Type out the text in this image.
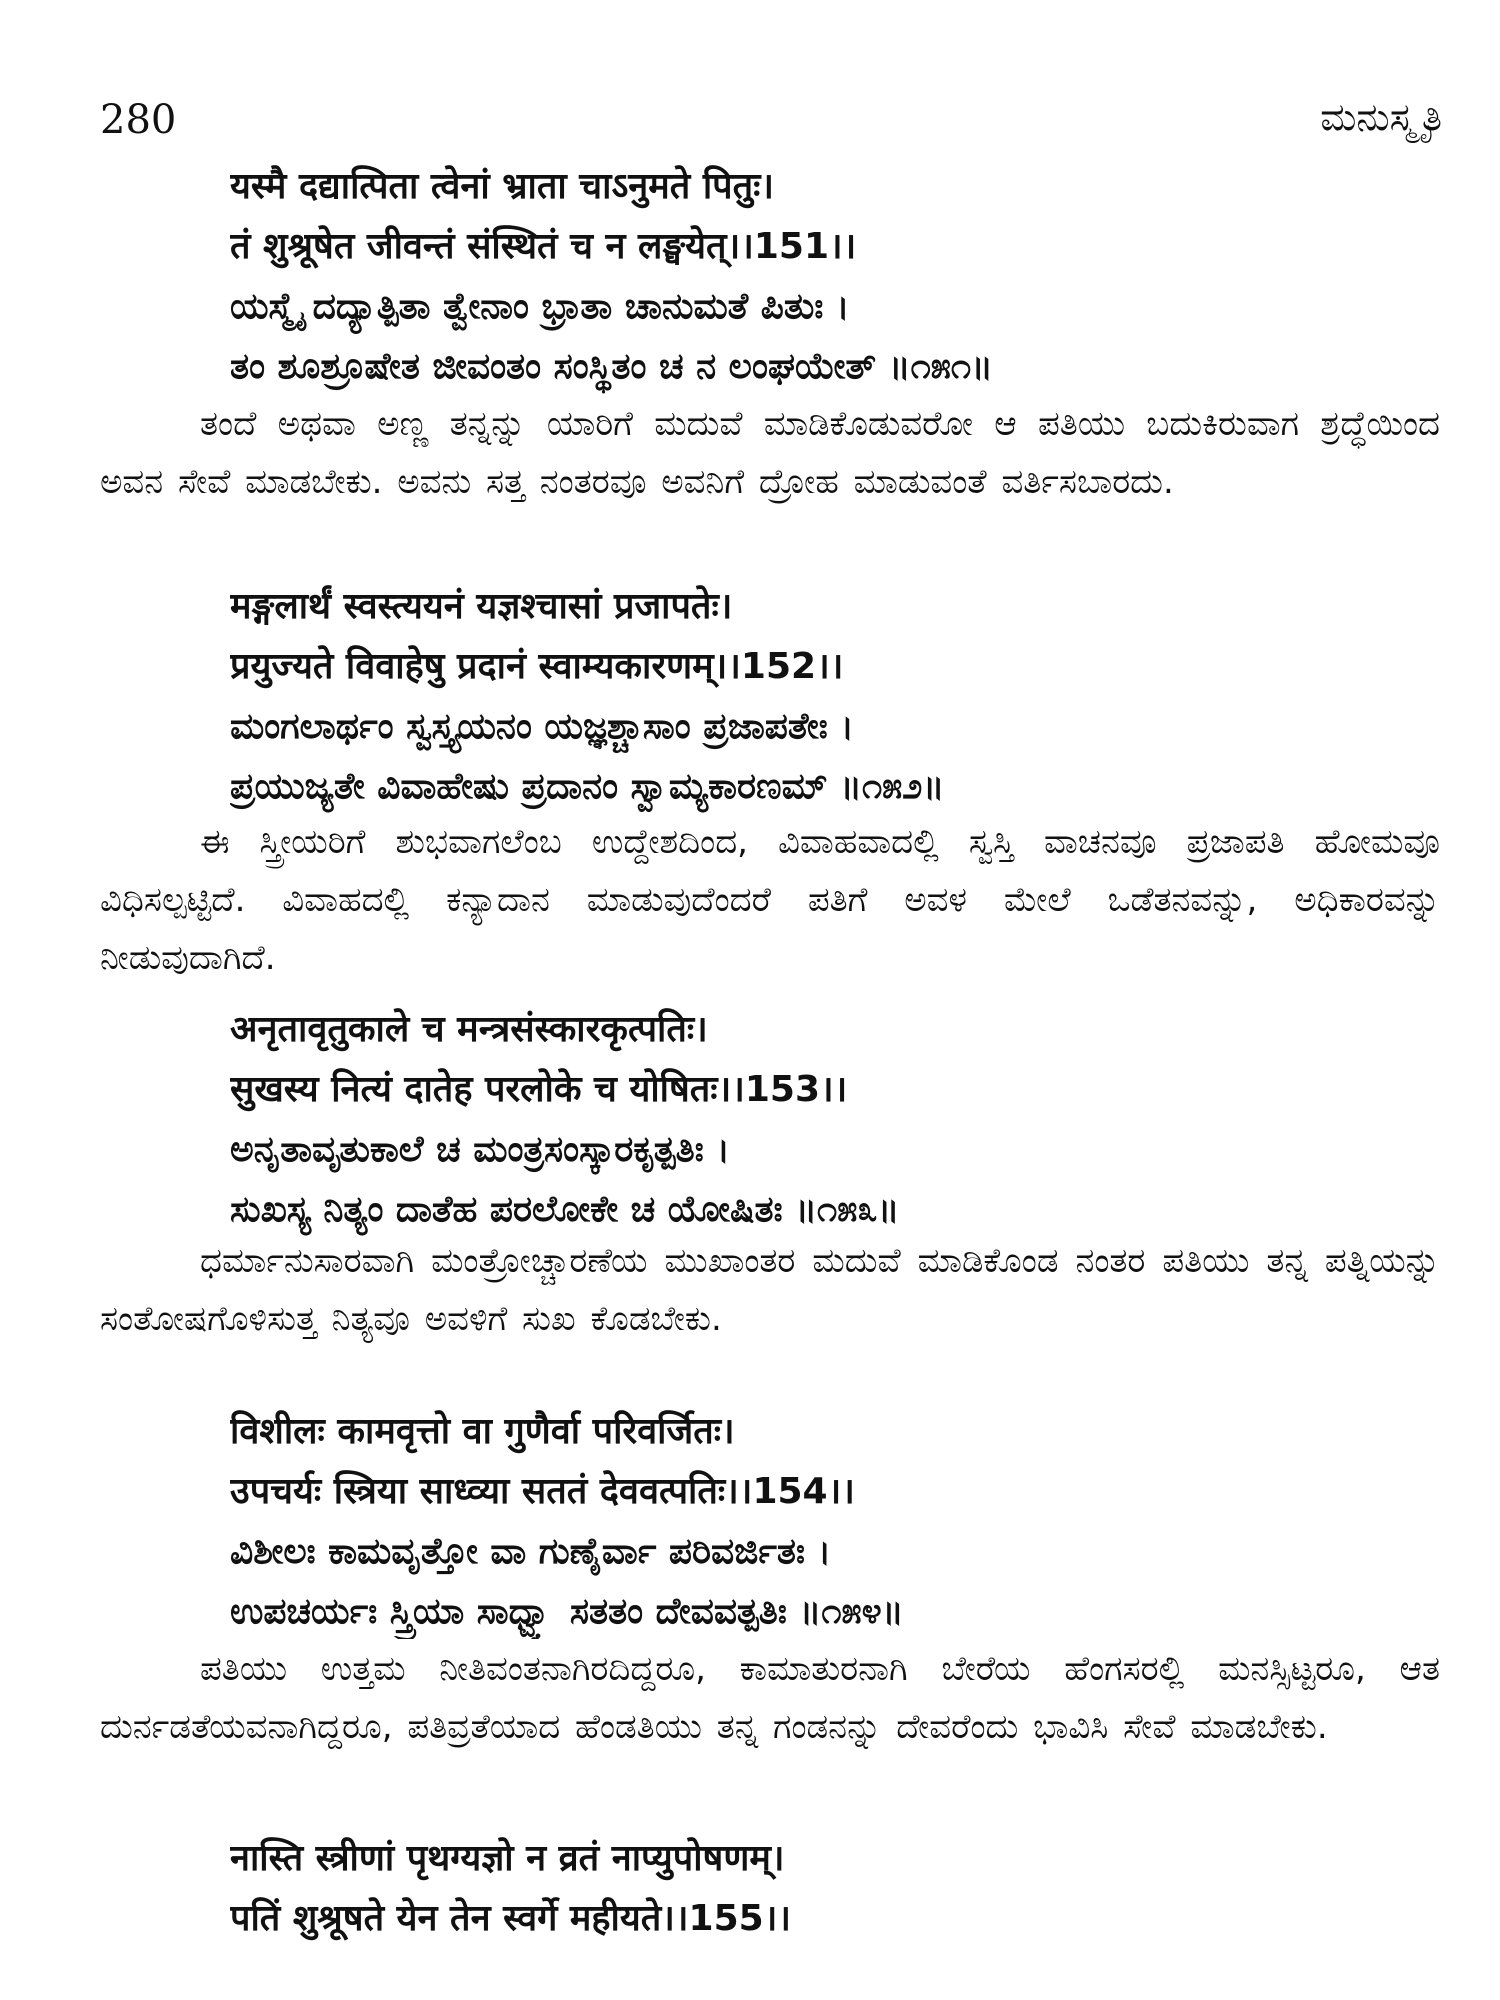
280	ಮನುಸ್ಮೃತಿ
यस्मै दद्यात्पिता त्वेनां भ्राता चाऽनुमते पितुः।
तं शुश्रूषेत जीवन्तं संस्थितं च न लङ्घयेत्।।151।।
ಯಸ್ಮೈ ದದ್ಯಾತ್ಪಿತಾ ತ್ವೇನಾಂ ಭ್ರಾತಾ ಚಾನುಮತೆ ಪಿತುಃ ।
ತಂ ಶೂಶ್ರೂಷೇತ ಜೀವಂತಂ ಸಂಸ್ಥಿತಂ ಚ ನ ಲಂಘಯೇತ್ ॥೧೫೧॥
ತಂದೆ ಅಥವಾ ಅಣ್ಣ ತನ್ನನ್ನು ಯಾರಿಗೆ ಮದುವೆ ಮಾಡಿಕೊಡುವರೋ ಆ ಪತಿಯು ಬದುಕಿರುವಾಗ ಶ್ರದ್ಧೆಯಿಂದ ಅವನ ಸೇವೆ ಮಾಡಬೇಕು. ಅವನು ಸತ್ತ ನಂತರವೂ ಅವನಿಗೆ ದ್ರೋಹ ಮಾಡುವಂತೆ ವರ್ತಿಸಬಾರದು.
मङ्गलार्थं स्वस्त्ययनं यज्ञश्चासां प्रजापतेः।
प्रयुज्यते विवाहेषु प्रदानं स्वाम्यकारणम्।।152।।
ಮಂಗಲಾರ್ಥಂ ಸ್ವಸ್ತ್ಯಯನಂ ಯಜ್ಞಶ್ಚಾಸಾಂ ಪ್ರಜಾಪತೇಃ ।
ಪ್ರಯುಜ್ಯತೇ ವಿವಾಹೇಷು ಪ್ರದಾನಂ ಸ್ವಾಮ್ಯಕಾರಣಮ್ ॥೧೫೨॥
ಈ ಸ್ತ್ರೀಯರಿಗೆ ಶುಭವಾಗಲೆಂಬ ಉದ್ದೇಶದಿಂದ, ವಿವಾಹವಾದಲ್ಲಿ ಸ್ವಸ್ತಿ ವಾಚನವೂ ಪ್ರಜಾಪತಿ ಹೋಮವೂ ವಿಧಿಸಲ್ಪಟ್ಟಿದೆ. ವಿವಾಹದಲ್ಲಿ ಕನ್ಯಾದಾನ ಮಾಡುವುದೆಂದರೆ ಪತಿಗೆ ಅವಳ ಮೇಲೆ ಒಡೆತನವನ್ನು, ಅಧಿಕಾರವನ್ನು ನೀಡುವುದಾಗಿದೆ.
अनृतावृतुकाले च मन्त्रसंस्कारकृत्पतिः।
सुखस्य नित्यं दातेह परलोके च योषितः।।153।।
ಅನೃತಾವೃತುಕಾಲೆ ಚ ಮಂತ್ರಸಂಸ್ಕಾರಕೃತ್ಪತಿಃ ।
ಸುಖಸ್ಯ ನಿತ್ಯಂ ದಾತೆಹ ಪರಲೋಕೇ ಚ ಯೋಷಿತಃ ॥೧೫೩॥
ಧರ್ಮಾನುಸಾರವಾಗಿ ಮಂತ್ರೋಚ್ಚಾರಣೆಯ ಮುಖಾಂತರ ಮದುವೆ ಮಾಡಿಕೊಂಡ ನಂತರ ಪತಿಯು ತನ್ನ ಪತ್ನಿಯನ್ನು ಸಂತೋಷಗೊಳಿಸುತ್ತ ನಿತ್ಯವೂ ಅವಳಿಗೆ ಸುಖ ಕೊಡಬೇಕು.
विशीलः कामवृत्तो वा गुणैर्वा परिवर्जितः।
उपचर्यः स्त्रिया साध्व्या सततं देववत्पतिः।।154।।
ವಿಶೀಲಃ ಕಾಮವೃತ್ತೋ ವಾ ಗುಣೈರ್ವಾ ಪರಿವರ್ಜಿತಃ ।
ಉಪಚರ್ಯಃ ಸ್ತ್ರಿಯಾ ಸಾಧ್ವ್ಯಾ ಸತತಂ ದೇವವತ್ಪತಿಃ ॥೧೫೪॥
ಪತಿಯು ಉತ್ತಮ ನೀತಿವಂತನಾಗಿರದಿದ್ದರೂ, ಕಾಮಾತುರನಾಗಿ ಬೇರೆಯ ಹೆಂಗಸರಲ್ಲಿ ಮನಸ್ಸಿಟ್ಟರೂ, ಆತ ದುರ್ನಡತೆಯವನಾಗಿದ್ದರೂ, ಪತಿವ್ರತೆಯಾದ ಹೆಂಡತಿಯು ತನ್ನ ಗಂಡನನ್ನು ದೇವರೆಂದು ಭಾವಿಸಿ ಸೇವೆ ಮಾಡಬೇಕು.
नास्ति स्त्रीणां पृथग्यज्ञो न व्रतं नाप्युपोषणम्।
पतिं शुश्रूषते येन तेन स्वर्गे महीयते।।155।।
